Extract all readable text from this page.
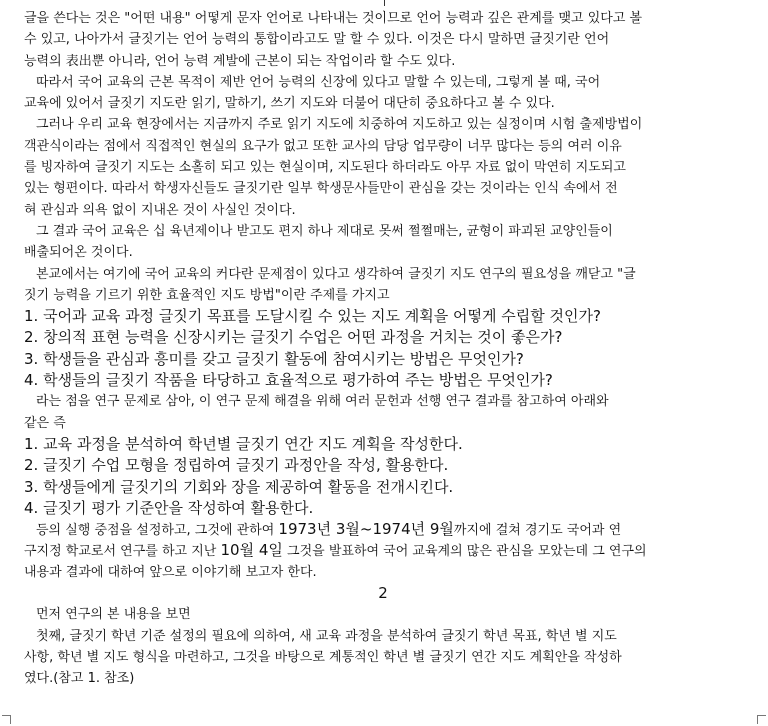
글을 쓴다는 것은 "어떤 내용" 어떻게 문자 언어로 나타내는 것이므로 언어 능력과 깊은 관계를 맺고 있다고 볼
수 있고, 나아가서 글짓기는 언어 능력의 통합이라고도 말 할 수 있다. 이것은 다시 말하면 글짓기란 언어
능력의 表出뿐 아니라, 언어 능력 계발에 근본이 되는 작업이라 할 수도 있다.
따라서 국어 교육의 근본 목적이 제반 언어 능력의 신장에 있다고 말할 수 있는데, 그렇게 볼 때, 국어
교육에 있어서 글짓기 지도란 읽기, 말하기, 쓰기 지도와 더불어 대단히 중요하다고 볼 수 있다.
그러나 우리 교육 현장에서는 지금까지 주로 읽기 지도에 치중하여 지도하고 있는 실정이며 시험 출제방법이
객관식이라는 점에서 직접적인 현실의 요구가 없고 또한 교사의 담당 업무량이 너무 많다는 등의 여러 이유
를 빙자하여 글짓기 지도는 소홀히 되고 있는 현실이며, 지도된다 하더라도 아무 자료 없이 막연히 지도되고
있는 형편이다. 따라서 학생자신들도 글짓기란 일부 학생문사들만이 관심을 갖는 것이라는 인식 속에서 전
혀 관심과 의욕 없이 지내온 것이 사실인 것이다.
그 결과 국어 교육은 십 육년제이나 받고도 편지 하나 제대로 못써 쩔쩔매는, 균형이 파괴된 교양인들이
배출되어온 것이다.
본교에서는 여기에 국어 교육의 커다란 문제점이 있다고 생각하여 글짓기 지도 연구의 필요성을 깨닫고 "글
짓기 능력을 기르기 위한 효율적인 지도 방법"이란 주제를 가지고
1. 국어과 교육 과정 글짓기 목표를 도달시킬 수 있는 지도 계획을 어떻게 수립할 것인가?
2. 창의적 표현 능력을 신장시키는 글짓기 수업은 어떤 과정을 거치는 것이 좋은가?
3. 학생들을 관심과 흥미를 갖고 글짓기 활동에 참여시키는 방법은 무엇인가?
4. 학생들의 글짓기 작품을 타당하고 효율적으로 평가하여 주는 방법은 무엇인가?
라는 점을 연구 문제로 삼아, 이 연구 문제 해결을 위해 여러 문헌과 선행 연구 결과를 참고하여 아래와
같은 즉
1. 교육 과정을 분석하여 학년별 글짓기 연간 지도 계획을 작성한다.
2. 글짓기 수업 모형을 정립하여 글짓기 과정안을 작성, 활용한다.
3. 학생들에게 글짓기의 기회와 장을 제공하여 활동을 전개시킨다.
4. 글짓기 평가 기준안을 작성하여 활용한다.
등의 실행 중점을 설정하고, 그것에 관하여 1973년 3월~1974년 9월까지에 걸쳐 경기도 국어과 연
구지정 학교로서 연구를 하고 지난 10월 4일 그것을 발표하여 국어 교육계의 많은 관심을 모았는데 그 연구의
내용과 결과에 대하여 앞으로 이야기해 보고자 한다.
2
먼저 연구의 본 내용을 보면
첫째, 글짓기 학년 기준 설정의 필요에 의하여, 새 교육 과정을 분석하여 글짓기 학년 목표, 학년 별 지도
사항, 학년 별 지도 형식을 마련하고, 그것을 바탕으로 계통적인 학년 별 글짓기 연간 지도 계획안을 작성하
였다.(참고 1. 참조)
